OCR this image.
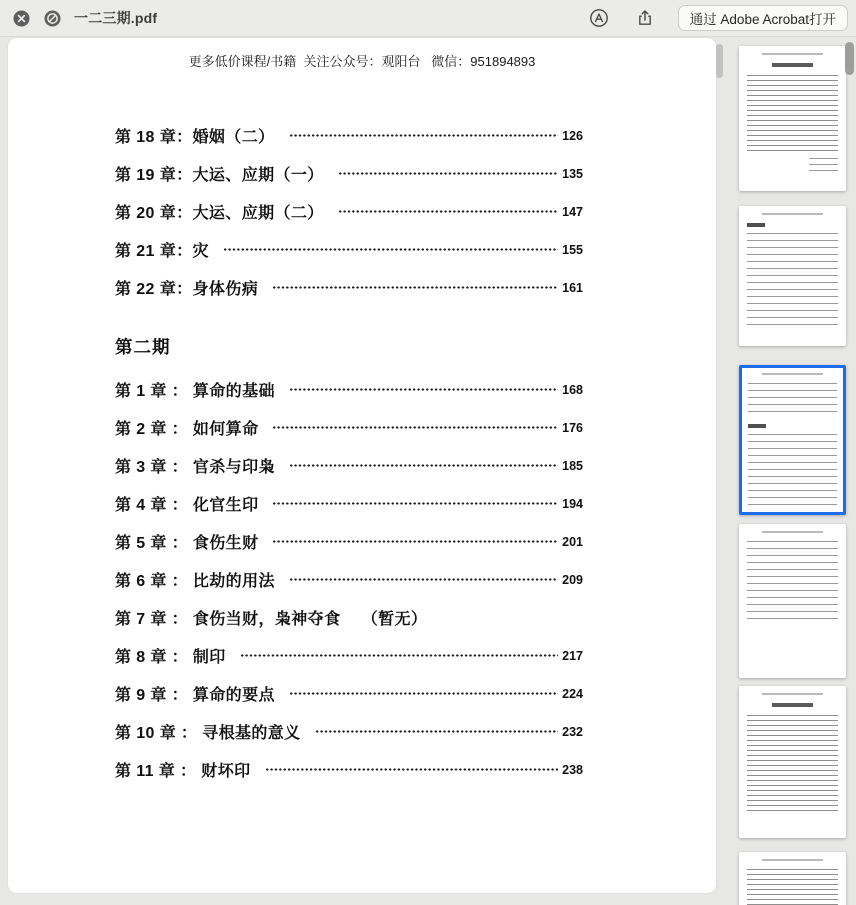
一二三期.pdf	通过 Adobe Acrobat打开
更多低价课程/书籍  关注公众号：观阳台   微信：951894893
第 18 章：婚姻（二）	126
第 19 章：大运、应期（一）	135
第 20 章：大运、应期（二）	147
第 21 章：灾	155
第 22 章：身体伤病	161
第二期
第 1 章 ： 算命的基础	168
第 2 章 ： 如何算命	176
第 3 章 ： 官杀与印枭	185
第 4 章 ： 化官生印	194
第 5 章 ： 食伤生财	201
第 6 章 ： 比劫的用法	209
第 7 章 ： 食伤当财，枭神夺食　 （暂无）
第 8 章 ： 制印	217
第 9 章 ： 算命的要点	224
第 10 章 ： 寻根基的意义	232
第 11 章 ： 财坏印	238
